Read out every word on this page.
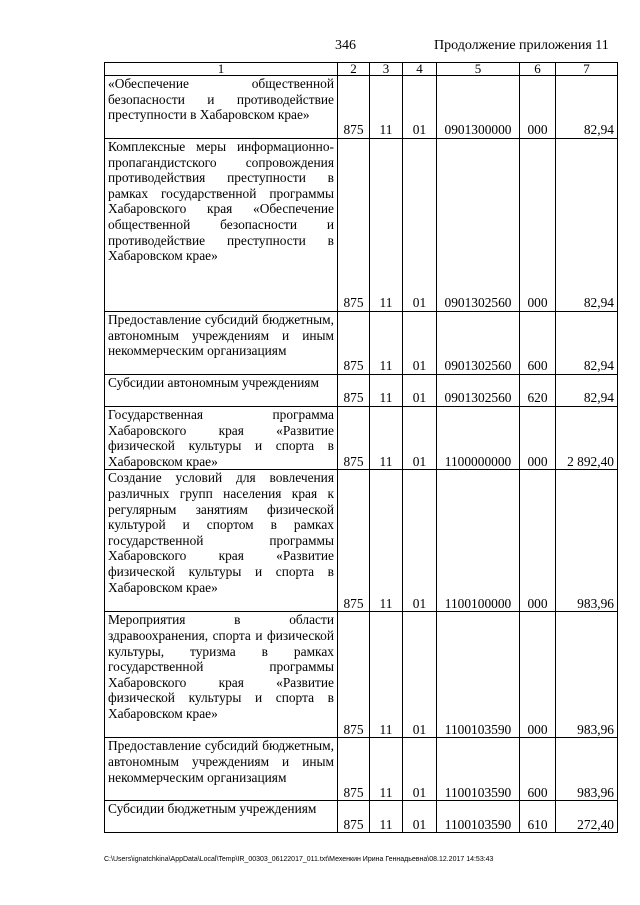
346	Продолжение приложения 11
1	2	3	4	5	6	7
«Обеспечение общественной безопасности и противодействие преступности в Хабаровском крае»	875	11	01	0901300000	000	82,94
Комплексные меры информационно-пропагандистского сопровождения противодействия преступности в рамках государственной программы Хабаровского края «Обеспечение общественной безопасности и противодействие преступности в Хабаровском крае»	875	11	01	0901302560	000	82,94
Предоставление субсидий бюджетным, автономным учреждениям и иным некоммерческим организациям	875	11	01	0901302560	600	82,94
Субсидии автономным учреждениям	875	11	01	0901302560	620	82,94
Государственная программа Хабаровского края «Развитие физической культуры и спорта в Хабаровском крае»	875	11	01	1100000000	000	2 892,40
Создание условий для вовлечения различных групп населения края к регулярным занятиям физической культурой и спортом в рамках государственной программы Хабаровского края «Развитие физической культуры и спорта в Хабаровском крае»	875	11	01	1100100000	000	983,96
Мероприятия в области здравоохранения, спорта и физической культуры, туризма в рамках государственной программы Хабаровского края «Развитие физической культуры и спорта в Хабаровском крае»	875	11	01	1100103590	000	983,96
Предоставление субсидий бюджетным, автономным учреждениям и иным некоммерческим организациям	875	11	01	1100103590	600	983,96
Субсидии бюджетным учреждениям	875	11	01	1100103590	610	272,40
C:\Users\ignatchkina\AppData\Local\Temp\IR_00303_06122017_011.txt\Мехенкин Ирина Геннадьевна\08.12.2017 14:53:43
